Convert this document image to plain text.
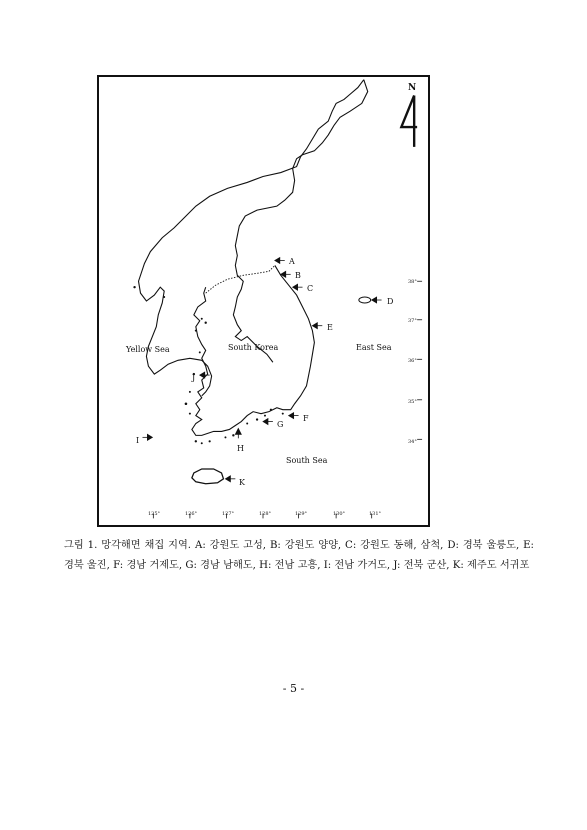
N
Yellow Sea	East Sea
South Sea
South Korea
A
B
C
D
E
F
G
H
I
J
K
38°
37°
36°
35°
34°
125°	126°	127°	128°	129°	130°	131°
그림 1. 망각해면 채집 지역. A: 강원도 고성, B: 강원도 양양, C: 강원도 동해, 삼척, D: 경북 울릉도, E: 경북 울진, F: 경남 거제도, G: 경남 남해도, H: 전남 고흥, I: 전남 가거도, J: 전북 군산, K: 제주도 서귀포
- 5 -
